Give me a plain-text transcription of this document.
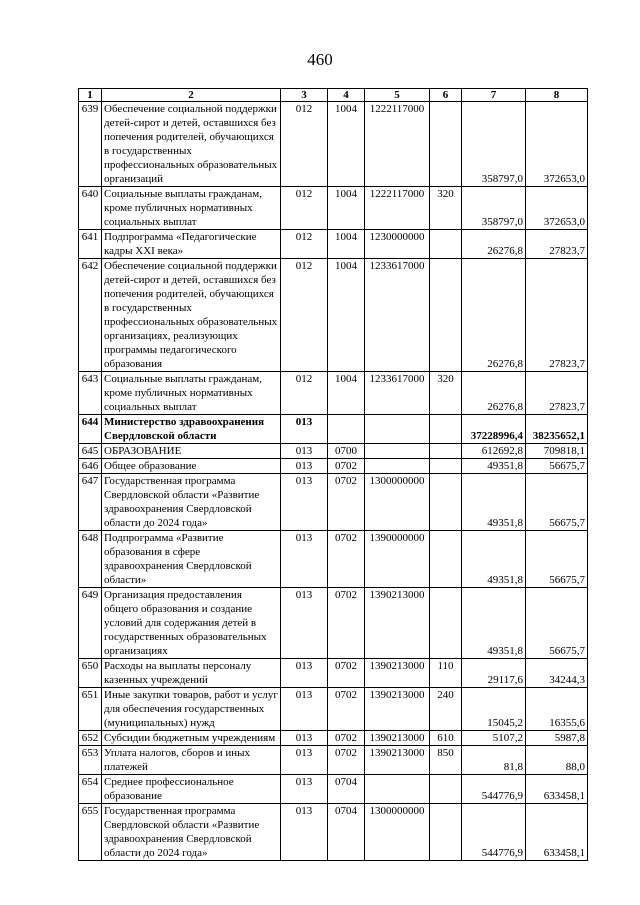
460
1	2	3	4	5	6	7	8
639	Обеспечение социальной поддержки детей-сирот и детей, оставшихся без попечения родителей, обучающихся в государственных профессиональных образовательных организаций	012	1004	1222117000		358797,0	372653,0
640	Социальные выплаты гражданам, кроме публичных нормативных социальных выплат	012	1004	1222117000	320	358797,0	372653,0
641	Подпрограмма «Педагогические кадры XXI века»	012	1004	1230000000		26276,8	27823,7
642	Обеспечение социальной поддержки детей-сирот и детей, оставшихся без попечения родителей, обучающихся в государственных профессиональных образовательных организациях, реализующих программы педагогического образования	012	1004	1233617000		26276,8	27823,7
643	Социальные выплаты гражданам, кроме публичных нормативных социальных выплат	012	1004	1233617000	320	26276,8	27823,7
644	Министерство здравоохранения Свердловской области	013				37228996,4	38235652,1
645	ОБРАЗОВАНИЕ	013	0700			612692,8	709818,1
646	Общее образование	013	0702			49351,8	56675,7
647	Государственная программа Свердловской области «Развитие здравоохранения Свердловской области до 2024 года»	013	0702	1300000000		49351,8	56675,7
648	Подпрограмма «Развитие образования в сфере здравоохранения Свердловской области»	013	0702	1390000000		49351,8	56675,7
649	Организация предоставления общего образования и создание условий для содержания детей в государственных образовательных организациях	013	0702	1390213000		49351,8	56675,7
650	Расходы на выплаты персоналу казенных учреждений	013	0702	1390213000	110	29117,6	34244,3
651	Иные закупки товаров, работ и услуг для обеспечения государственных (муниципальных) нужд	013	0702	1390213000	240	15045,2	16355,6
652	Субсидии бюджетным учреждениям	013	0702	1390213000	610	5107,2	5987,8
653	Уплата налогов, сборов и иных платежей	013	0702	1390213000	850	81,8	88,0
654	Среднее профессиональное образование	013	0704			544776,9	633458,1
655	Государственная программа Свердловской области «Развитие здравоохранения Свердловской области до 2024 года»	013	0704	1300000000		544776,9	633458,1
